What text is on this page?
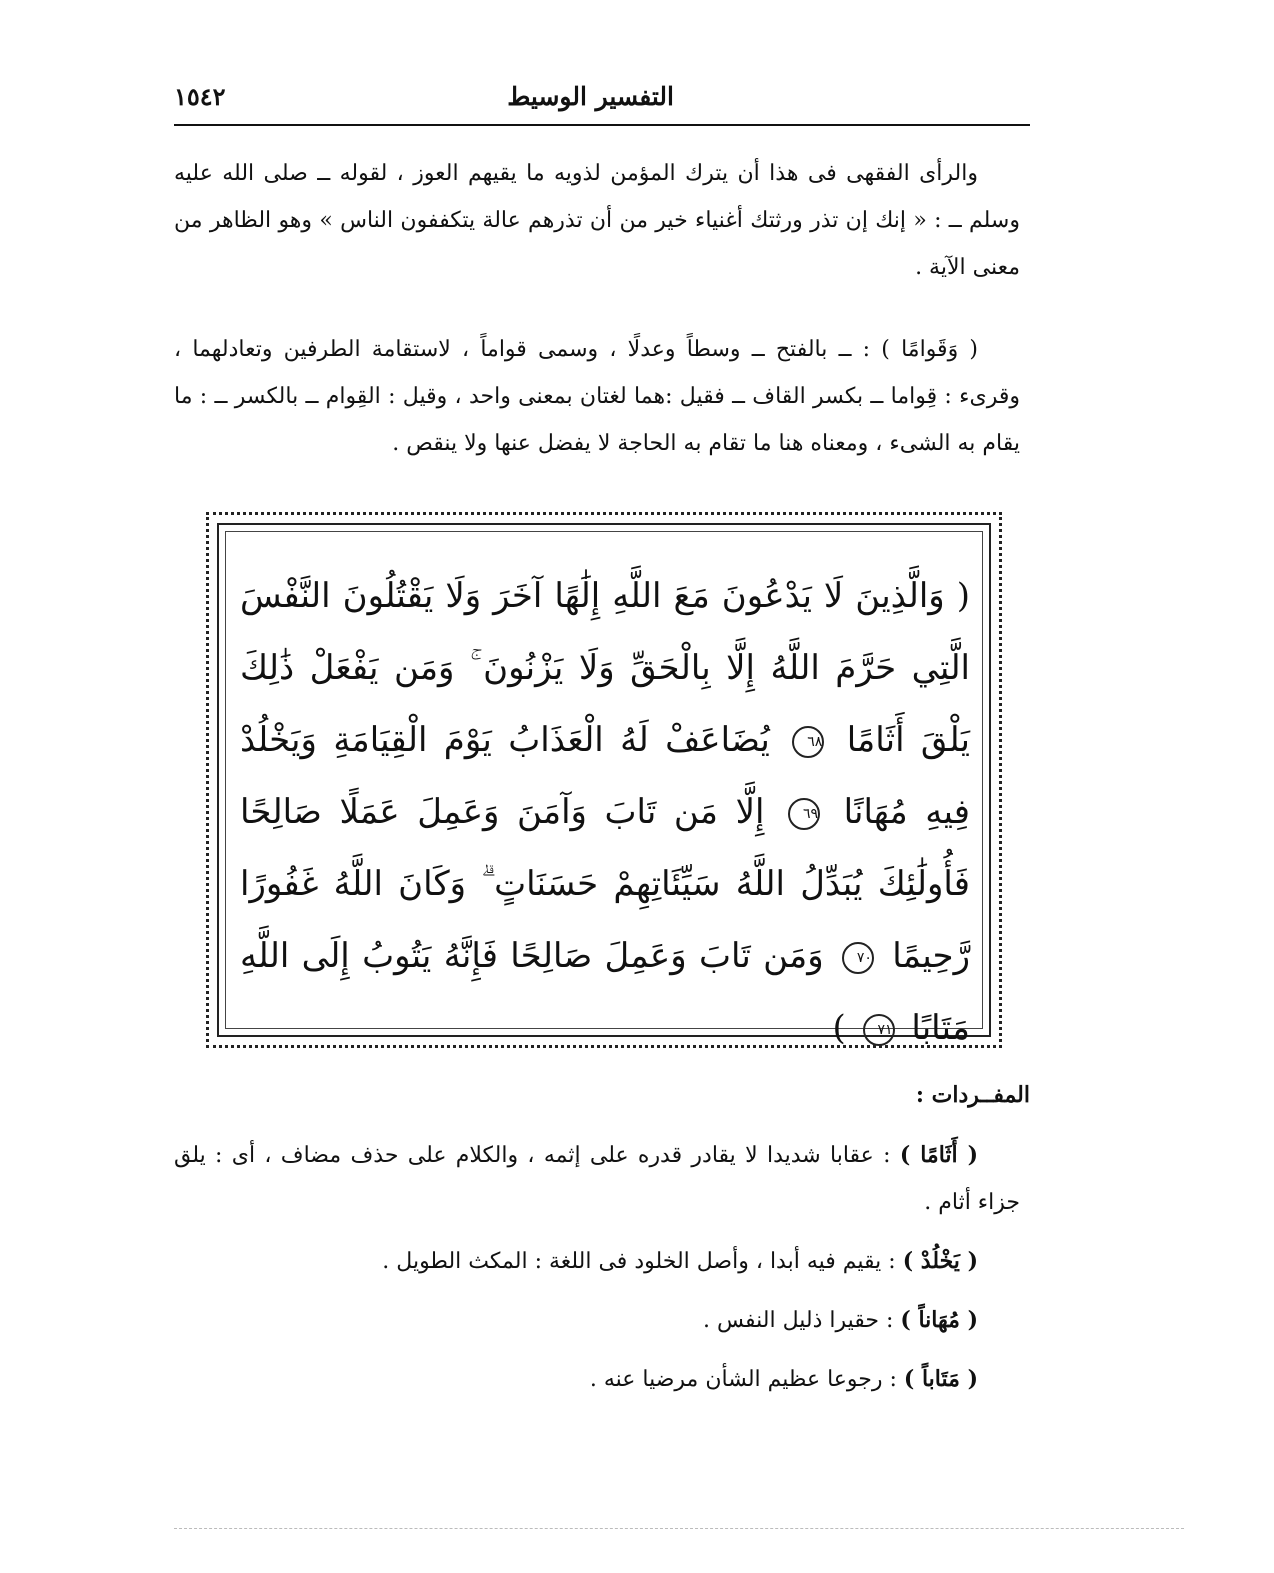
التفسير الوسيط
١٥٤٢

والرأى الفقهى فى هذا أن يترك المؤمن لذويه ما يقيهم العوز ، لقوله ــ صلى الله عليه وسلم ــ : « إنك إن تذر ورثتك أغنياء خير من أن تذرهم عالة يتكففون الناس » وهو الظاهر من معنى الآية .

( وَقَوامًا ) : ــ بالفتح ــ وسطاً وعدلًا ، وسمى قواماً ، لاستقامة الطرفين وتعادلهما ، وقرىء : قِواما ــ بكسر القاف ــ فقيل :هما لغتان بمعنى واحد ، وقيل : القِوام ــ بالكسر ــ : ما يقام به الشىء ، ومعناه هنا ما تقام به الحاجة لا يفضل عنها ولا ينقص .

( وَالَّذِينَ لَا يَدْعُونَ مَعَ اللَّهِ إِلَٰهًا آخَرَ وَلَا يَقْتُلُونَ النَّفْسَ الَّتِي حَرَّمَ اللَّهُ إِلَّا بِالْحَقِّ وَلَا يَزْنُونَ ۚ وَمَن يَفْعَلْ ذَٰلِكَ يَلْقَ أَثَامًا ٦٨ يُضَاعَفْ لَهُ الْعَذَابُ يَوْمَ الْقِيَامَةِ وَيَخْلُدْ فِيهِ مُهَانًا ٦٩ إِلَّا مَن تَابَ وَآمَنَ وَعَمِلَ عَمَلًا صَالِحًا فَأُولَٰئِكَ يُبَدِّلُ اللَّهُ سَيِّئَاتِهِمْ حَسَنَاتٍ ۗ وَكَانَ اللَّهُ غَفُورًا رَّحِيمًا ٧٠ وَمَن تَابَ وَعَمِلَ صَالِحًا فَإِنَّهُ يَتُوبُ إِلَى اللَّهِ مَتَابًا ٧١ )
المفــردات :

( أَثَامًا ) : عقابا شديدا لا يقادر قدره على إثمه ، والكلام على حذف مضاف ، أى : يلق جزاء أثام .

( يَخْلُدْ ) : يقيم فيه أبدا ، وأصل الخلود فى اللغة : المكث الطويل .

( مُهَاناً ) : حقيرا ذليل النفس .

( مَتَاباً ) : رجوعا عظيم الشأن مرضيا عنه .
